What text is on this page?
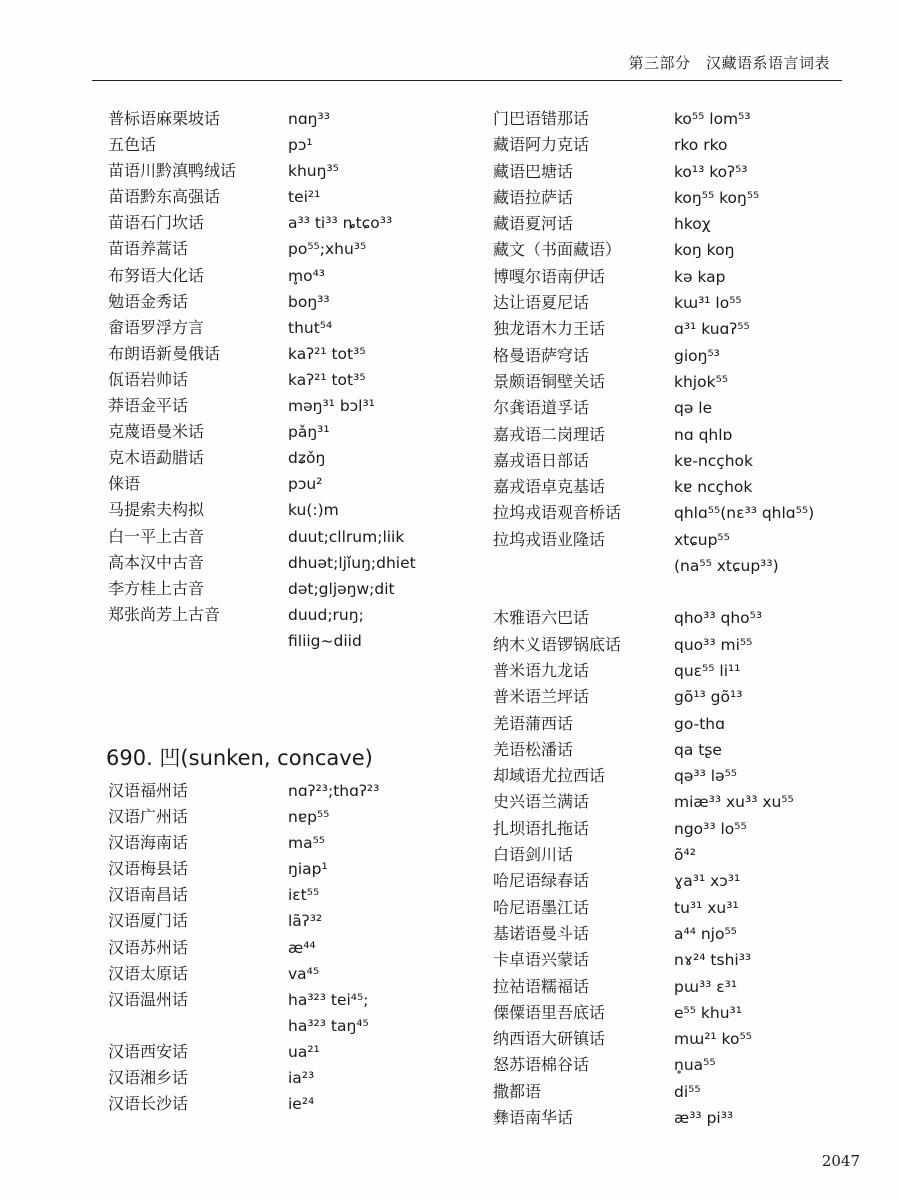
第三部分　汉藏语系语言词表
普标语麻栗坡话	nɑŋ³³
五色话	pɔ¹
苗语川黔滇鸭绒话	khuŋ³⁵
苗语黔东高强话	tei²¹
苗语石门坎话	a³³ ti³³ ȵtɕo³³
苗语养蒿话	po⁵⁵;xhu³⁵
布努语大化话	m̥o⁴³
勉语金秀话	boŋ³³
畲语罗浮方言	thut⁵⁴
布朗语新曼俄话	kaʔ²¹ tot³⁵
佤语岩帅话	kaʔ²¹ tot³⁵
莽语金平话	məŋ³¹ bɔl³¹
克蔑语曼米话	pǎŋ³¹
克木语勐腊话	dʑǒŋ
俫语	pɔu²
马提索夫构拟	ku(:)m
白一平上古音	duut;cllrum;liik
高本汉中古音	dhuət;ljǐuŋ;dhiet
李方桂上古音	dət;gljəŋw;dit
郑张尚芳上古音	duud;ruŋ;
filiig~diid
690. 凹(sunken, concave)
汉语福州话	nɑʔ²³;thɑʔ²³
汉语广州话	nɐp⁵⁵
汉语海南话	ma⁵⁵
汉语梅县话	ŋiap¹
汉语南昌话	iɛt⁵⁵
汉语厦门话	lãʔ³²
汉语苏州话	æ⁴⁴
汉语太原话	va⁴⁵
汉语温州话	ha³²³ tei⁴⁵;
ha³²³ taŋ⁴⁵
汉语西安话	ua²¹
汉语湘乡话	ia²³
汉语长沙话	ie²⁴
门巴语错那话	ko⁵⁵ lom⁵³
藏语阿力克话	rko rko
藏语巴塘话	ko¹³ koʔ⁵³
藏语拉萨话	koŋ⁵⁵ koŋ⁵⁵
藏语夏河话	hkoχ
藏文（书面藏语）	koŋ koŋ
博嘎尔语南伊话	kə kap
达让语夏尼话	kɯ³¹ lo⁵⁵
独龙语木力王话	ɑ³¹ kuɑʔ⁵⁵
格曼语萨穹话	gioŋ⁵³
景颇语铜壁关话	khjok⁵⁵
尔龚语道孚话	qə le
嘉戎语二岗理话	nɑ qhlɒ
嘉戎语日部话	kɐ-ncçhok
嘉戎语卓克基话	kɐ ncçhok
拉坞戎语观音桥话	qhlɑ⁵⁵(nɛ³³ qhlɑ⁵⁵)
拉坞戎语业隆话	xtɕup⁵⁵
(na⁵⁵ xtɕup³³)
木雅语六巴话	qho³³ qho⁵³
纳木义语锣锅底话	quo³³ mi⁵⁵
普米语九龙话	quɛ⁵⁵ li¹¹
普米语兰坪话	gõ¹³ gõ¹³
羌语蒲西话	go-thɑ
羌语松潘话	qa tʂe
却域语尤拉西话	qə³³ lə⁵⁵
史兴语兰满话	miæ³³ xu³³ xu⁵⁵
扎坝语扎拖话	ngo³³ lo⁵⁵
白语剑川话	õ⁴²
哈尼语绿春话	ɣa³¹ xɔ³¹
哈尼语墨江话	tu³¹ xu³¹
基诺语曼斗话	a⁴⁴ njo⁵⁵
卡卓语兴蒙话	nɤ²⁴ tshi³³
拉祜语糯福话	pɯ³³ ɛ³¹
傈僳语里吾底话	e⁵⁵ khu³¹
纳西语大研镇话	mɯ²¹ ko⁵⁵
怒苏语棉谷话	n̥ua⁵⁵
撒都语	di⁵⁵
彝语南华话	æ³³ pi³³
2047
